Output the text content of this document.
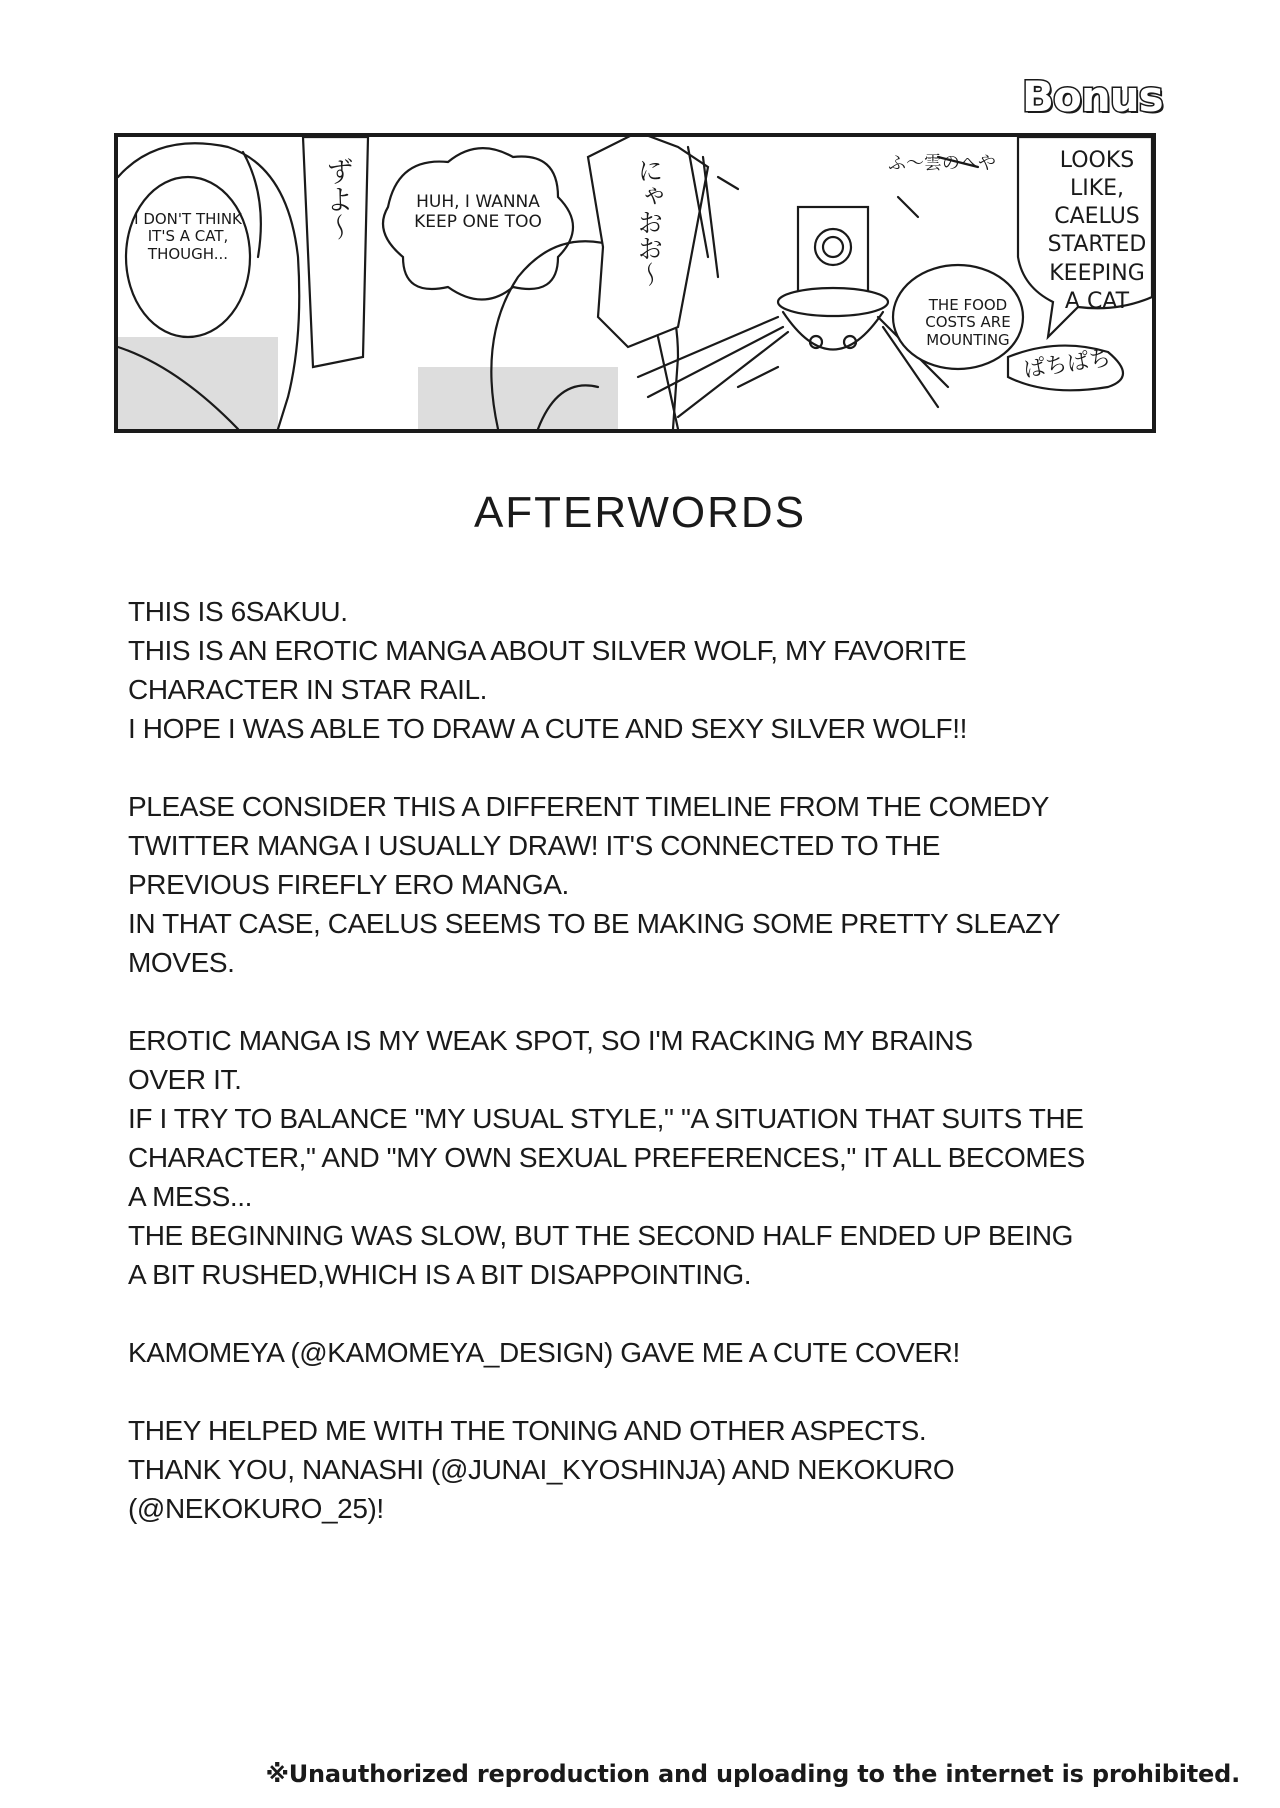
Bonus
I DON'T THINK IT'S A CAT, THOUGH...
HUH, I WANNA KEEP ONE TOO
LOOKS LIKE, CAELUS STARTED KEEPING A CAT
THE FOOD COSTS ARE MOUNTING
ずよ〜	にゃおお〜	ふ〜雲のへや
ぱちぱち
AFTERWORDS
THIS IS 6SAKUU.
THIS IS AN EROTIC MANGA ABOUT SILVER WOLF, MY FAVORITE
CHARACTER IN STAR RAIL.
I HOPE I WAS ABLE TO DRAW A CUTE AND SEXY SILVER WOLF!!
PLEASE CONSIDER THIS A DIFFERENT TIMELINE FROM THE COMEDY
TWITTER MANGA I USUALLY DRAW! IT'S CONNECTED TO THE
PREVIOUS FIREFLY ERO MANGA.
IN THAT CASE, CAELUS SEEMS TO BE MAKING SOME PRETTY SLEAZY
MOVES.
EROTIC MANGA IS MY WEAK SPOT, SO I'M RACKING MY BRAINS
OVER IT.
IF I TRY TO BALANCE "MY USUAL STYLE," "A SITUATION THAT SUITS THE
CHARACTER," AND "MY OWN SEXUAL PREFERENCES," IT ALL BECOMES
A MESS...
THE BEGINNING WAS SLOW, BUT THE SECOND HALF ENDED UP BEING
A BIT RUSHED,WHICH IS A BIT DISAPPOINTING.
KAMOMEYA (@KAMOMEYA_DESIGN) GAVE ME A CUTE COVER!
THEY HELPED ME WITH THE TONING AND OTHER ASPECTS.
THANK YOU, NANASHI (@JUNAI_KYOSHINJA) AND NEKOKURO
(@NEKOKURO_25)!
※Unauthorized reproduction and uploading to the internet is prohibited.
